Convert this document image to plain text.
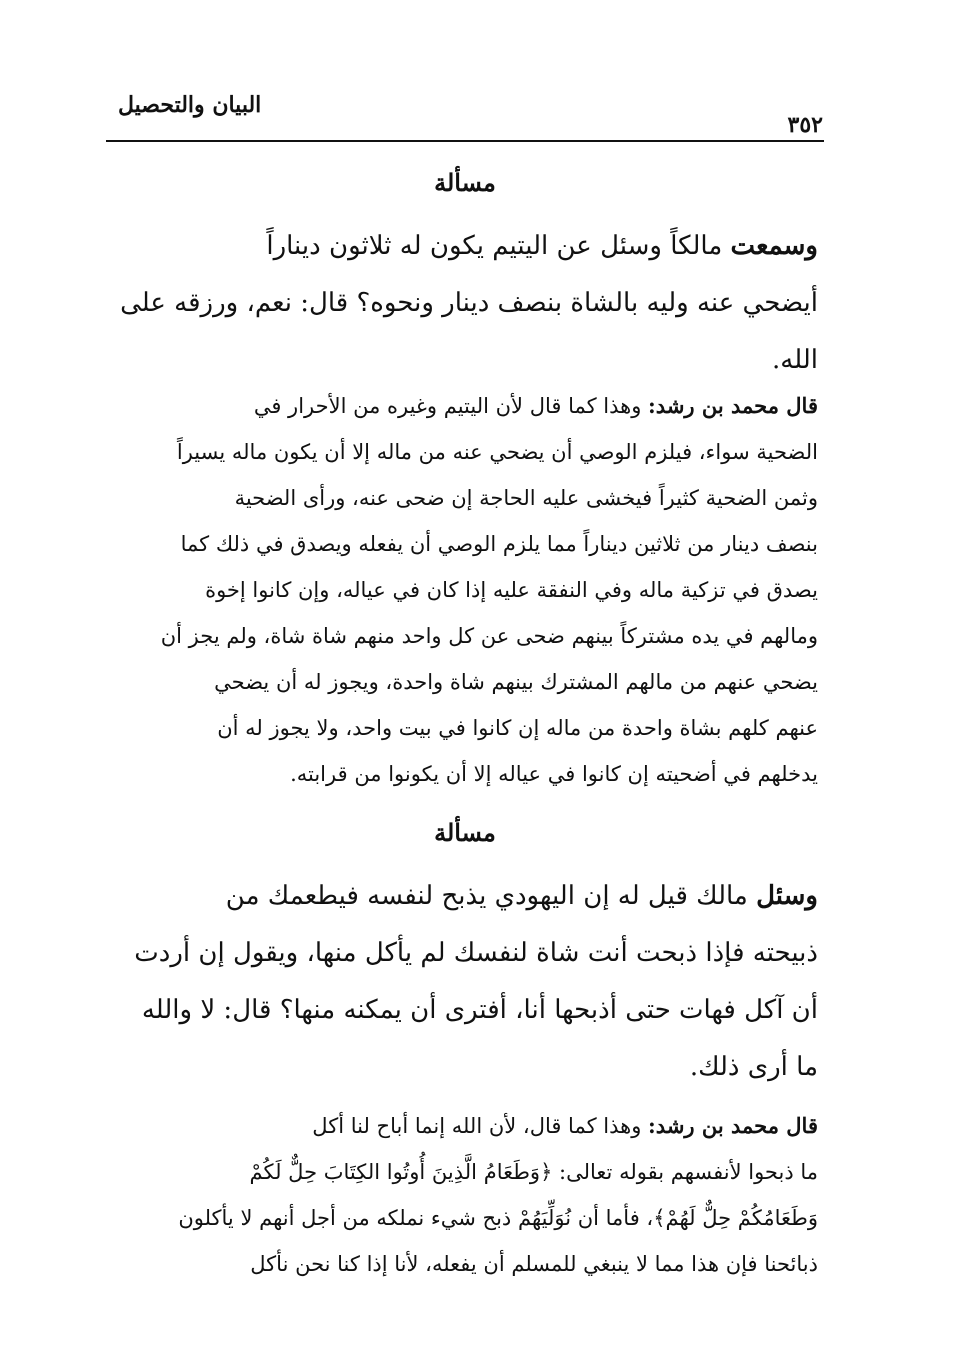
البيان والتحصيل
٣٥٢
مسألة
وسمعت مالكاً وسئل عن اليتيم يكون له ثلاثون ديناراً
أيضحي عنه وليه بالشاة بنصف دينار ونحوه؟ قال: نعم، ورزقه على
الله.
قال محمد بن رشد: وهذا كما قال لأن اليتيم وغيره من الأحرار في
الضحية سواء، فيلزم الوصي أن يضحي عنه من ماله إلا أن يكون ماله يسيراً
وثمن الضحية كثيراً فيخشى عليه الحاجة إن ضحى عنه، ورأى الضحية
بنصف دينار من ثلاثين ديناراً مما يلزم الوصي أن يفعله ويصدق في ذلك كما
يصدق في تزكية ماله وفي النفقة عليه إذا كان في عياله، وإن كانوا إخوة
ومالهم في يده مشتركاً بينهم ضحى عن كل واحد منهم شاة شاة، ولم يجز أن
يضحي عنهم من مالهم المشترك بينهم شاة واحدة، ويجوز له أن يضحي
عنهم كلهم بشاة واحدة من ماله إن كانوا في بيت واحد، ولا يجوز له أن
يدخلهم في أضحيته إن كانوا في عياله إلا أن يكونوا من قرابته.
مسألة
وسئل مالك قيل له إن اليهودي يذبح لنفسه فيطعمك من
ذبيحته فإذا ذبحت أنت شاة لنفسك لم يأكل منها، ويقول إن أردت
أن آكل فهات حتى أذبحها أنا، أفترى أن يمكنه منها؟ قال: لا والله
ما أرى ذلك.
قال محمد بن رشد: وهذا كما قال، لأن الله إنما أباح لنا أكل
ما ذبحوا لأنفسهم بقوله تعالى: ﴿وَطَعَامُ الَّذِينَ أُوتُوا الكِتَابَ حِلٌّ لَكُمْ
وَطَعَامُكُمْ حِلٌّ لَهُمْ﴾، فأما أن نُوَلِّيَهُمْ ذبح شيء نملكه من أجل أنهم لا يأكلون
ذبائحنا فإن هذا مما لا ينبغي للمسلم أن يفعله، لأنا إذا كنا نحن نأكل
